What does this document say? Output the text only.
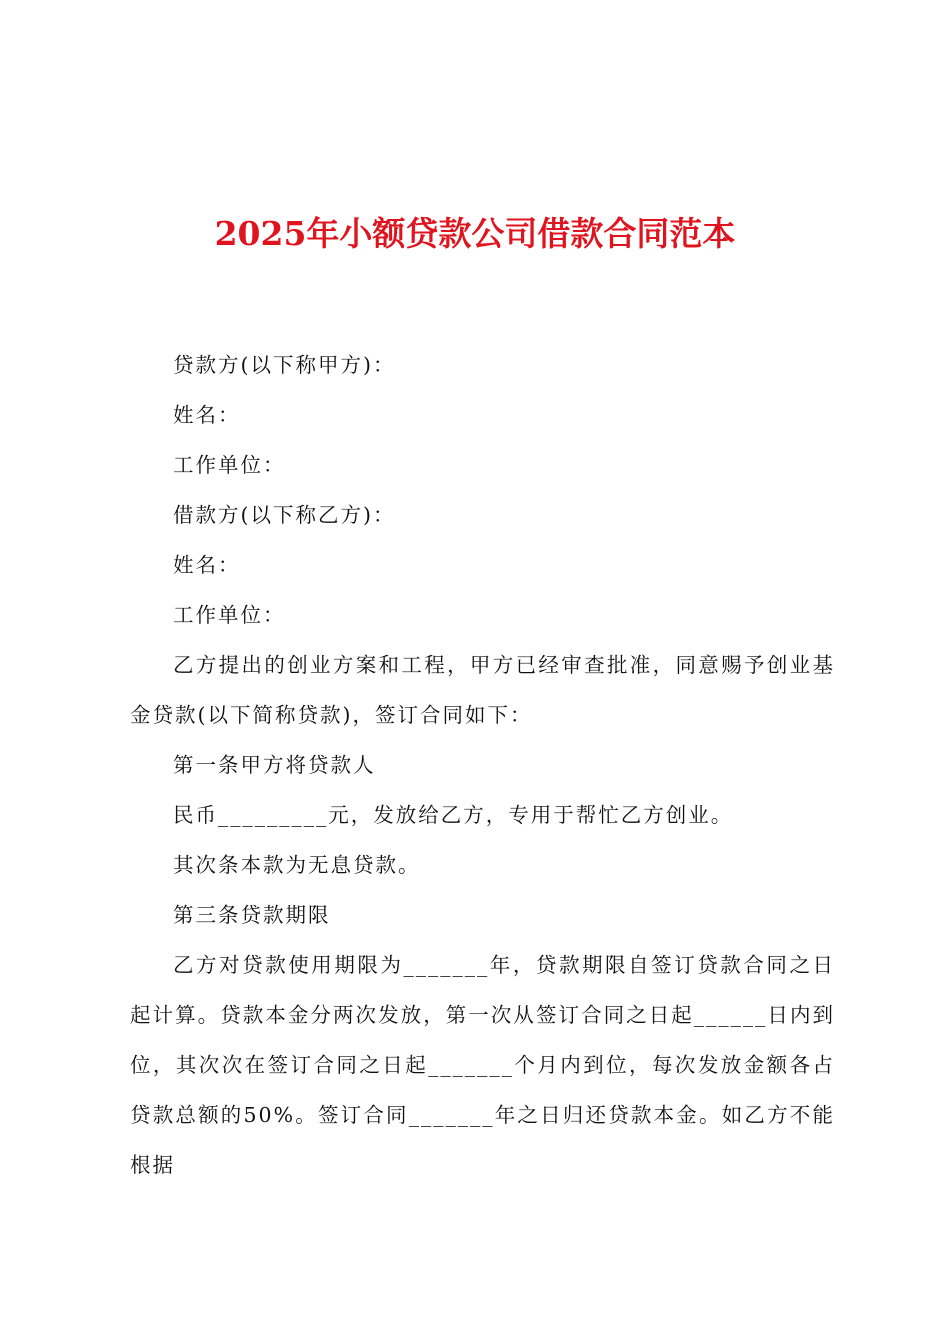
2025年小额贷款公司借款合同范本

贷款方(以下称甲方)：

姓名：

工作单位：

借款方(以下称乙方)：

姓名：

工作单位：

乙方提出的创业方案和工程，甲方已经审查批准，同意赐予创业基金贷款(以下简称贷款)，签订合同如下：

第一条甲方将贷款人

民币_________元，发放给乙方，专用于帮忙乙方创业。

其次条本款为无息贷款。

第三条贷款期限

乙方对贷款使用期限为_______年，贷款期限自签订贷款合同之日起计算。贷款本金分两次发放，第一次从签订合同之日起______日内到位，其次次在签订合同之日起_______个月内到位，每次发放金额各占贷款总额的50%。签订合同_______年之日归还贷款本金。如乙方不能根据
